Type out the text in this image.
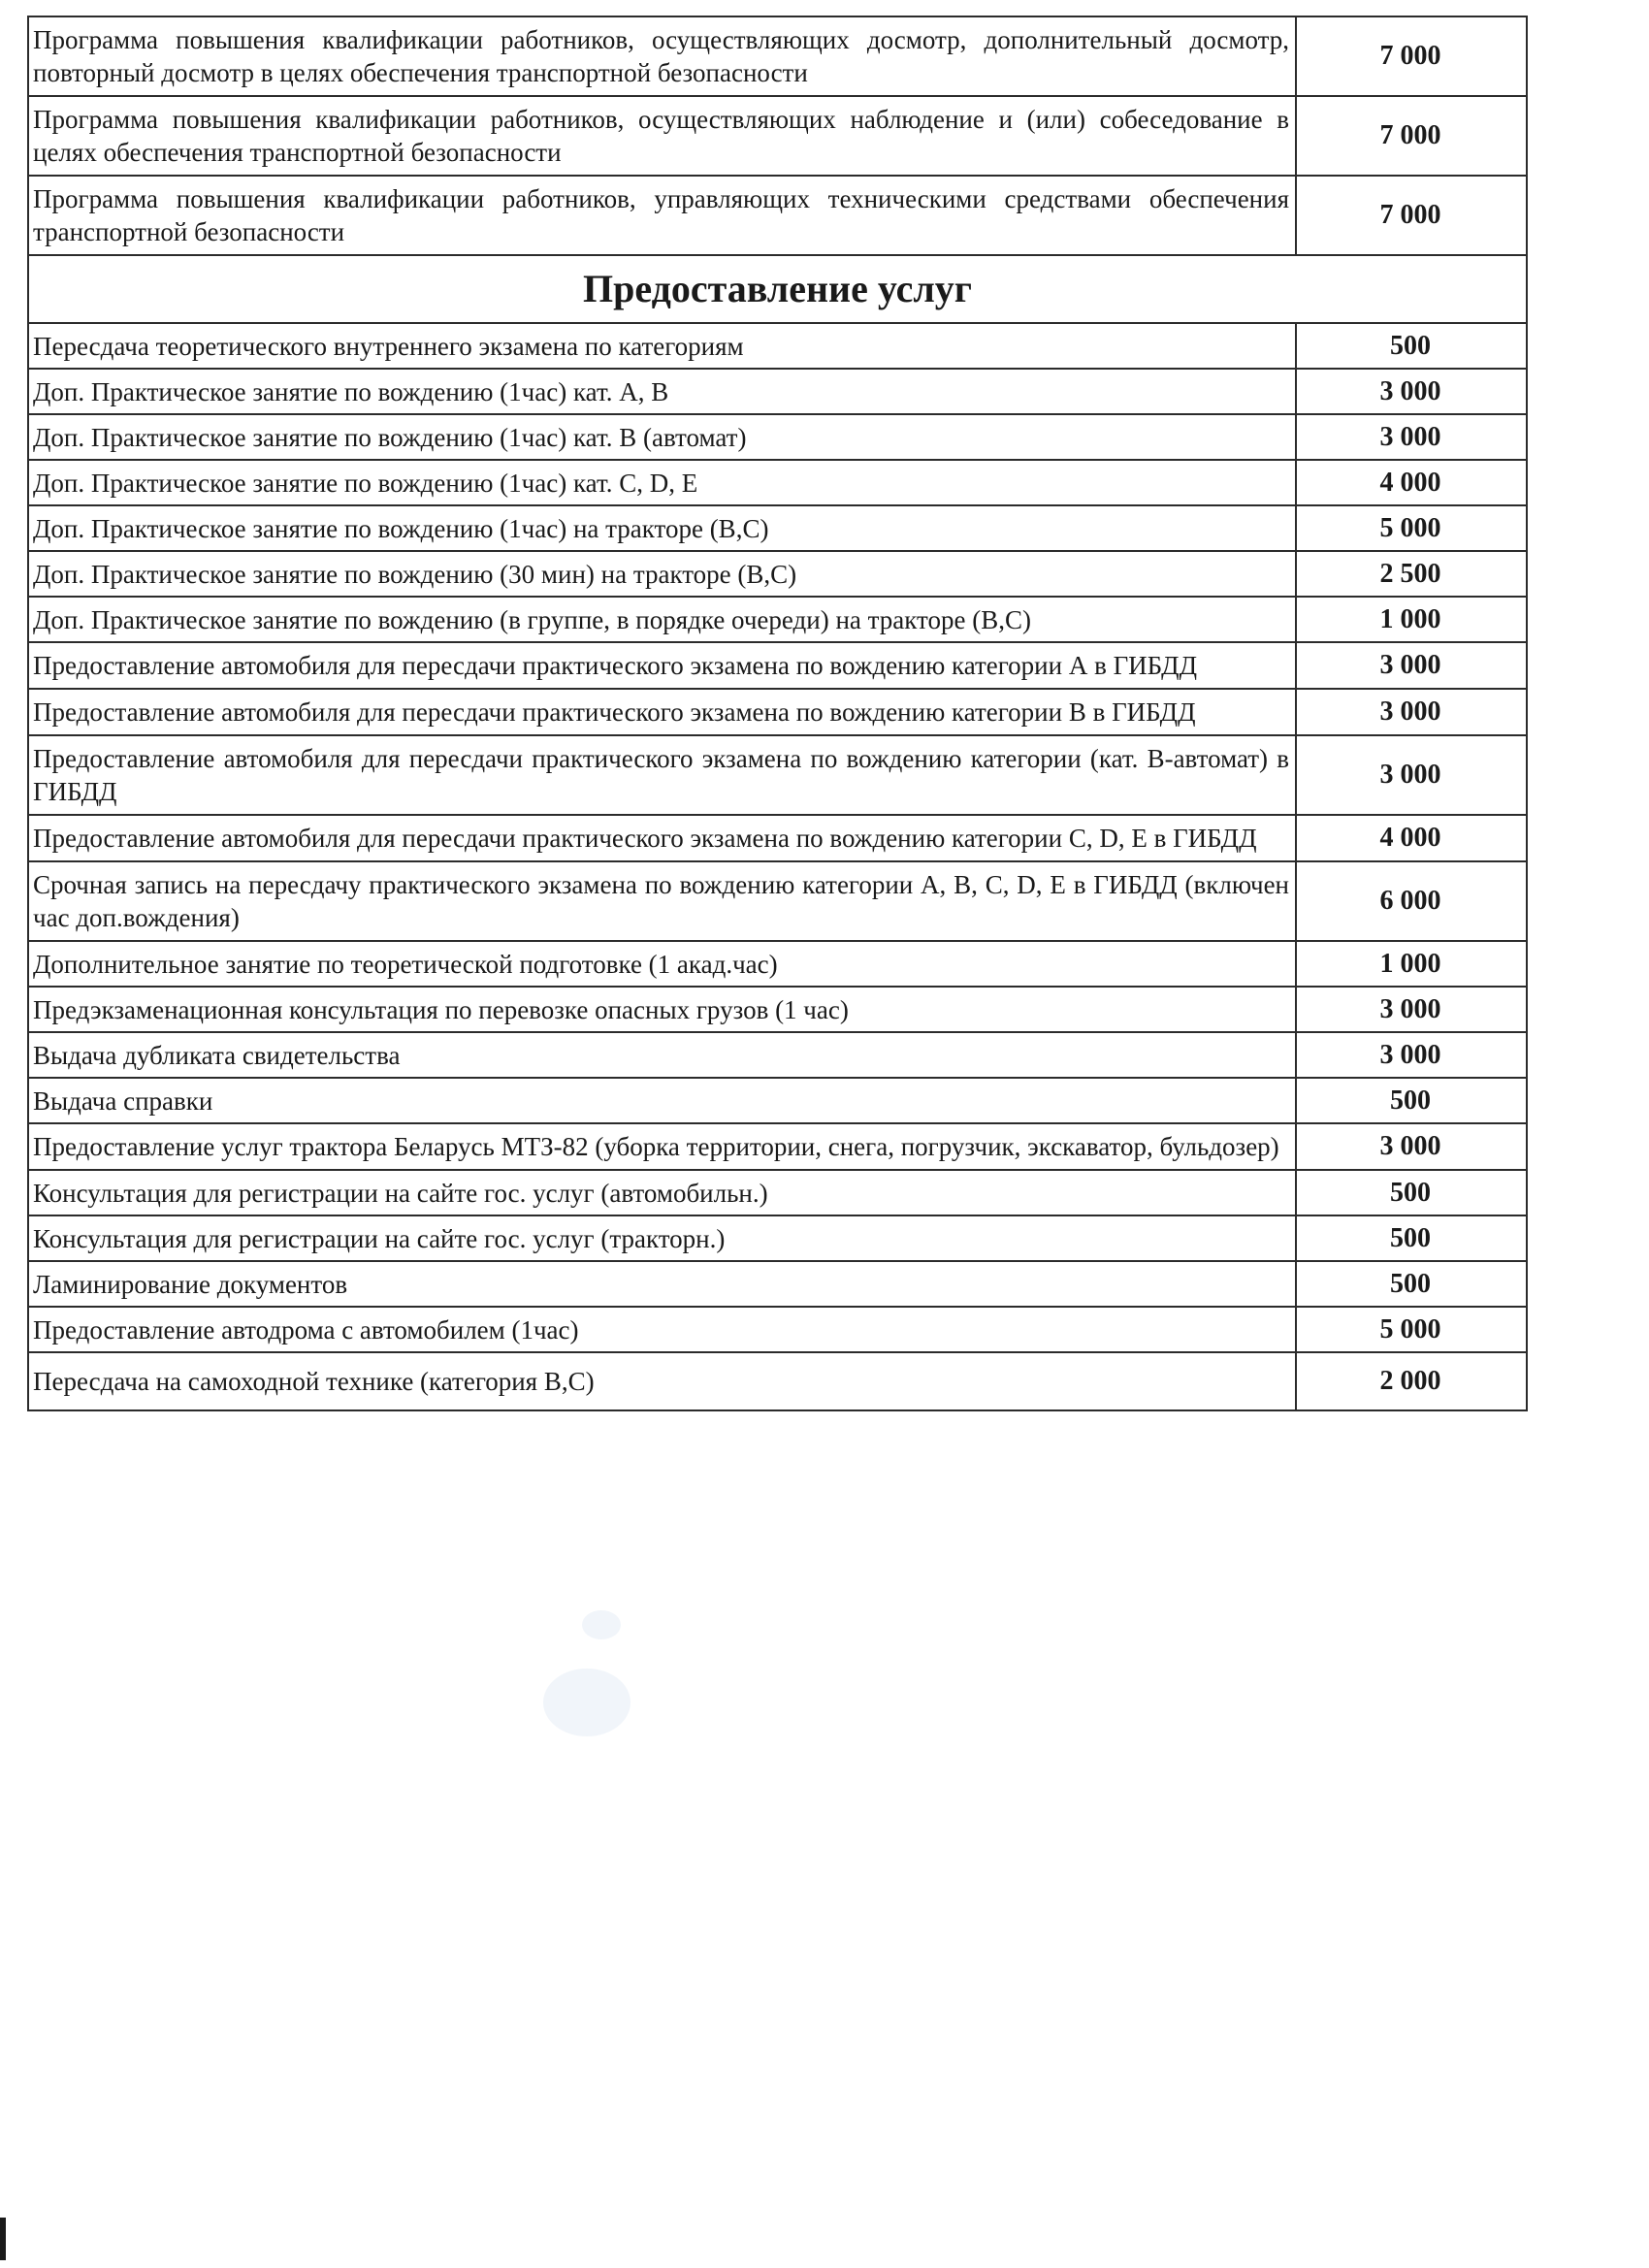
Программа повышения квалификации работников, осуществляющих досмотр, дополнительный досмотр, повторный досмотр в целях обеспечения транспортной безопасности	7 000
Программа повышения квалификации работников, осуществляющих наблюдение и (или) собеседование в целях обеспечения транспортной безопасности	7 000
Программа повышения квалификации работников, управляющих техническими средствами обеспечения транспортной безопасности	7 000
Предоставление услуг	
Пересдача теоретического внутреннего экзамена по категориям	500
Доп. Практическое занятие по вождению (1час) кат. А, В	3 000
Доп. Практическое занятие по вождению (1час) кат. В (автомат)	3 000
Доп. Практическое занятие по вождению (1час) кат. С, D, Е	4 000
Доп. Практическое занятие по вождению (1час) на тракторе (В,С)	5 000
Доп. Практическое занятие по вождению (30 мин) на тракторе (В,С)	2 500
Доп. Практическое занятие по вождению (в группе, в порядке очереди) на тракторе (В,С)	1 000
Предоставление автомобиля для пересдачи практического экзамена по вождению категории А в ГИБДД	3 000
Предоставление автомобиля для пересдачи практического экзамена по вождению категории В в ГИБДД	3 000
Предоставление автомобиля для пересдачи практического экзамена по вождению категории (кат. В-автомат) в ГИБДД	3 000
Предоставление автомобиля для пересдачи практического экзамена по вождению категории С, D, Е в ГИБДД	4 000
Срочная запись на пересдачу практического экзамена по вождению категории А, В, С, D, Е в ГИБДД (включен час доп.вождения)	6 000
Дополнительное занятие по теоретической подготовке (1 акад.час)	1 000
Предэкзаменационная консультация по перевозке опасных грузов (1 час)	3 000
Выдача дубликата свидетельства	3 000
Выдача справки	500
Предоставление услуг трактора Беларусь МТЗ-82 (уборка территории, снега, погрузчик, экскаватор, бульдозер)	3 000
Консультация для регистрации на сайте гос. услуг (автомобильн.)	500
Консультация для регистрации на сайте гос. услуг (тракторн.)	500
Ламинирование документов	500
Предоставление автодрома с автомобилем (1час)	5 000
Пересдача на самоходной технике (категория В,С)	2 000
